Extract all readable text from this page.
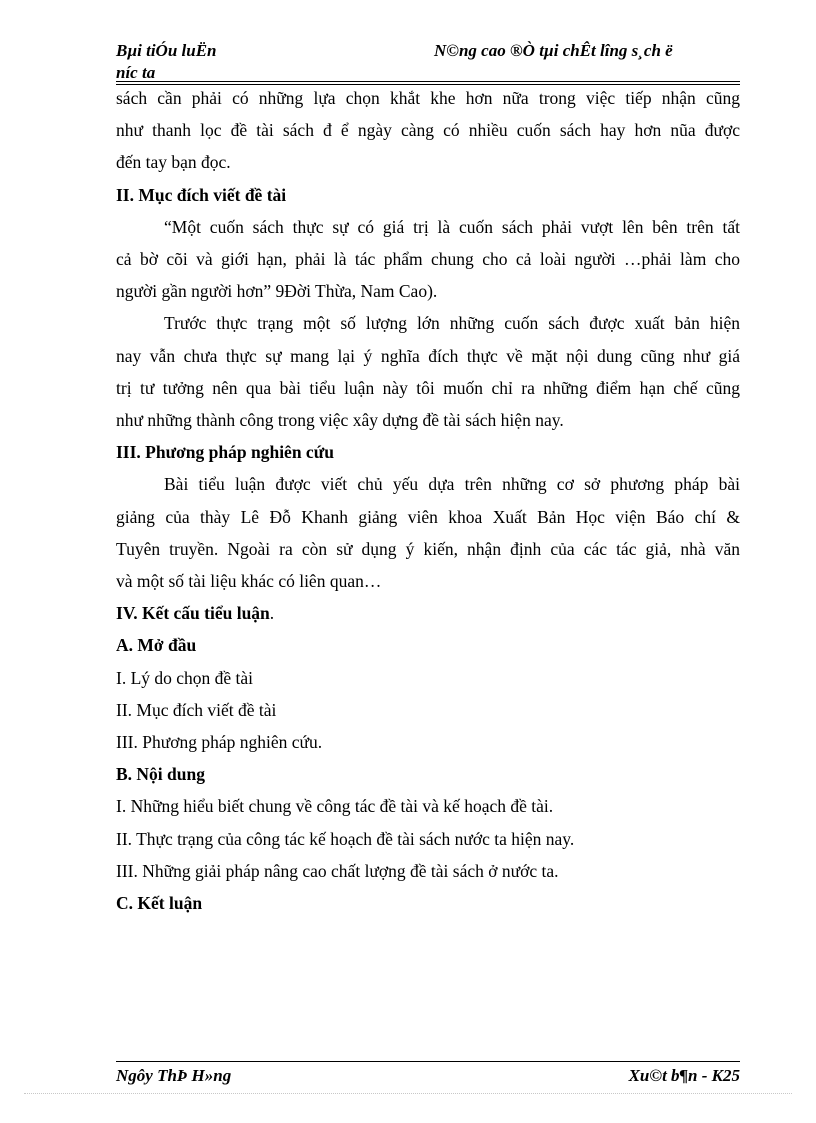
Bµi tiÓu luËn	N©ng cao ®Ò tµi chÊt lîng s¸ch ë
níc ta

sách cần phải có những lựa chọn khắt khe hơn nữa trong việc tiếp nhận cũng

như thanh lọc đề tài sách đ ể ngày càng có nhiều cuốn sách hay hơn nũa được

đến tay bạn đọc.

II. Mục đích viết đề tài

“Một cuốn sách thực sự có giá trị là cuốn sách phải vượt lên bên trên tất

cả bờ cõi và giới hạn, phải là tác phẩm chung cho cả loài người …phải làm cho

người gần người hơn” 9Đời Thừa, Nam Cao).

Trước thực trạng một số lượng lớn những cuốn sách được xuất bản hiện

nay vẫn chưa thực sự mang lại ý nghĩa đích thực về mặt nội dung cũng như giá

trị tư tưởng nên qua bài tiểu luận này tôi muốn chỉ ra những điểm hạn chế cũng

như những thành công trong việc xây dựng đề tài sách hiện nay.

III. Phương pháp nghiên cứu

Bài tiểu luận được viết chủ yếu dựa trên những cơ sở phương pháp bài

giảng của thày Lê Đỗ Khanh giảng viên khoa Xuất Bản Học viện Báo chí &

Tuyên truyền. Ngoài ra còn sử dụng ý kiến, nhận định của các tác giả, nhà văn

và một số tài liệu khác có liên quan…

IV. Kết cấu tiểu luận.

A. Mở đầu

I. Lý do chọn đề tài

II. Mục đích viết đề tài

III. Phương pháp nghiên cứu.

B. Nội dung

I. Những hiểu biết chung về công tác đề tài và kế hoạch đề tài.

II. Thực trạng của công tác kế hoạch đề tài sách nước ta hiện nay.

III. Những giải pháp nâng cao chất lượng đề tài sách ở nước ta.

C. Kết luận

Ngôy ThÞ H»ng	Xu©t b¶n - K25
